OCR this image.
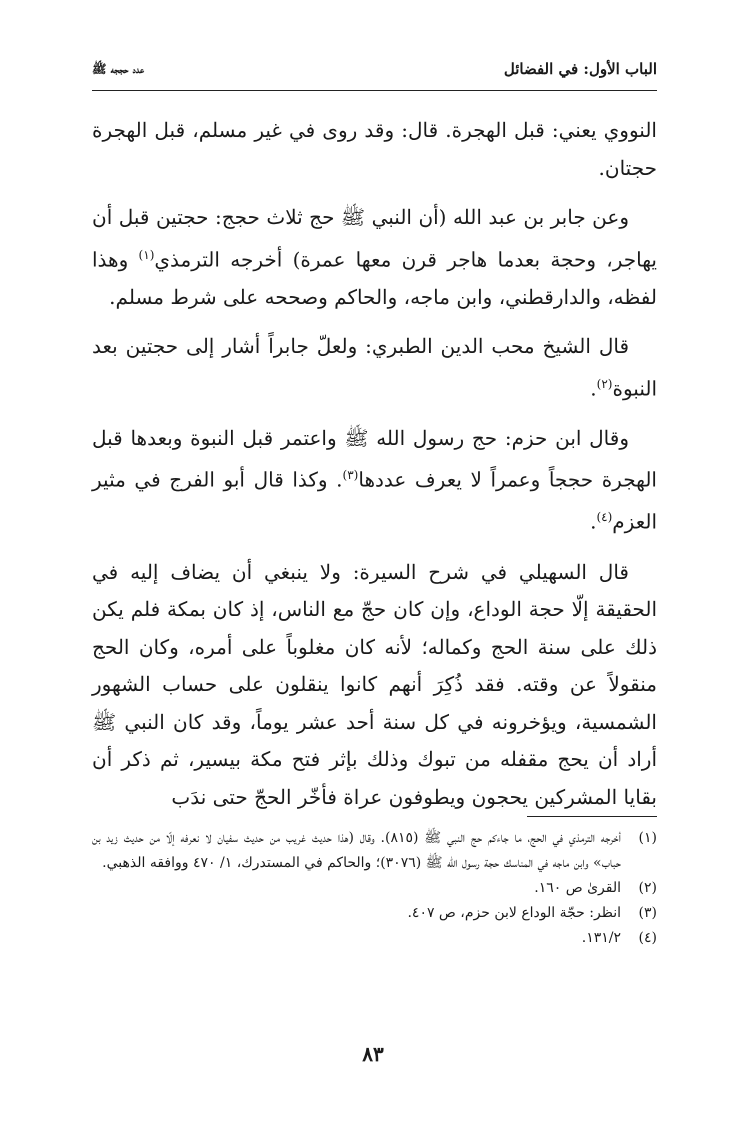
الباب الأول: في الفضائل
عدد حججه ﷺ

النووي يعني: قبل الهجرة. قال: وقد روى في غير مسلم، قبل الهجرة حجتان.

وعن جابر بن عبد الله (أن النبي ﷺ حج ثلاث حجج: حجتين قبل أن يهاجر، وحجة بعدما هاجر قرن معها عمرة) أخرجه الترمذي$^{(١)}$ وهذا لفظه، والدارقطني، وابن ماجه، والحاكم وصححه على شرط مسلم.

قال الشيخ محب الدين الطبري: ولعلّ جابراً أشار إلى حجتين بعد النبوة$^{(٢)}$.

وقال ابن حزم: حج رسول الله ﷺ واعتمر قبل النبوة وبعدها قبل الهجرة حججاً وعمراً لا يعرف عددها$^{(٣)}$. وكذا قال أبو الفرج في مثير العزم$^{(٤)}$.

قال السهيلي في شرح السيرة: ولا ينبغي أن يضاف إليه في الحقيقة إلّا حجة الوداع، وإن كان حجّ مع الناس، إذ كان بمكة فلم يكن ذلك على سنة الحج وكماله؛ لأنه كان مغلوباً على أمره، وكان الحج منقولاً عن وقته. فقد ذُكِرَ أنهم كانوا ينقلون على حساب الشهور الشمسية، ويؤخرونه في كل سنة أحد عشر يوماً، وقد كان النبي ﷺ أراد أن يحج مقفله من تبوك وذلك بإثر فتح مكة بيسير، ثم ذكر أن بقايا المشركين يحجون ويطوفون عراة فأخّر الحجّ حتى ندَب

(١)
أخرجه الترمذي في الحج، ما جاءكم حج النبي ﷺ (٨١٥). وقال (هذا حديث غريب من حديث سفيان لا نعرفه إلّا من حديث زيد بن حباب» وابن ماجه في المناسك حجة رسول الله ﷺ (٣٠٧٦)؛ والحاكم في المستدرك، ١/ ٤٧٠ ووافقه الذهبي.
(٢)
القرىٰ ص ١٦٠.
(٣)
انظر: حجّة الوداع لابن حزم، ص ٤٠٧.
(٤)
١٣١/٢.
٨٣
